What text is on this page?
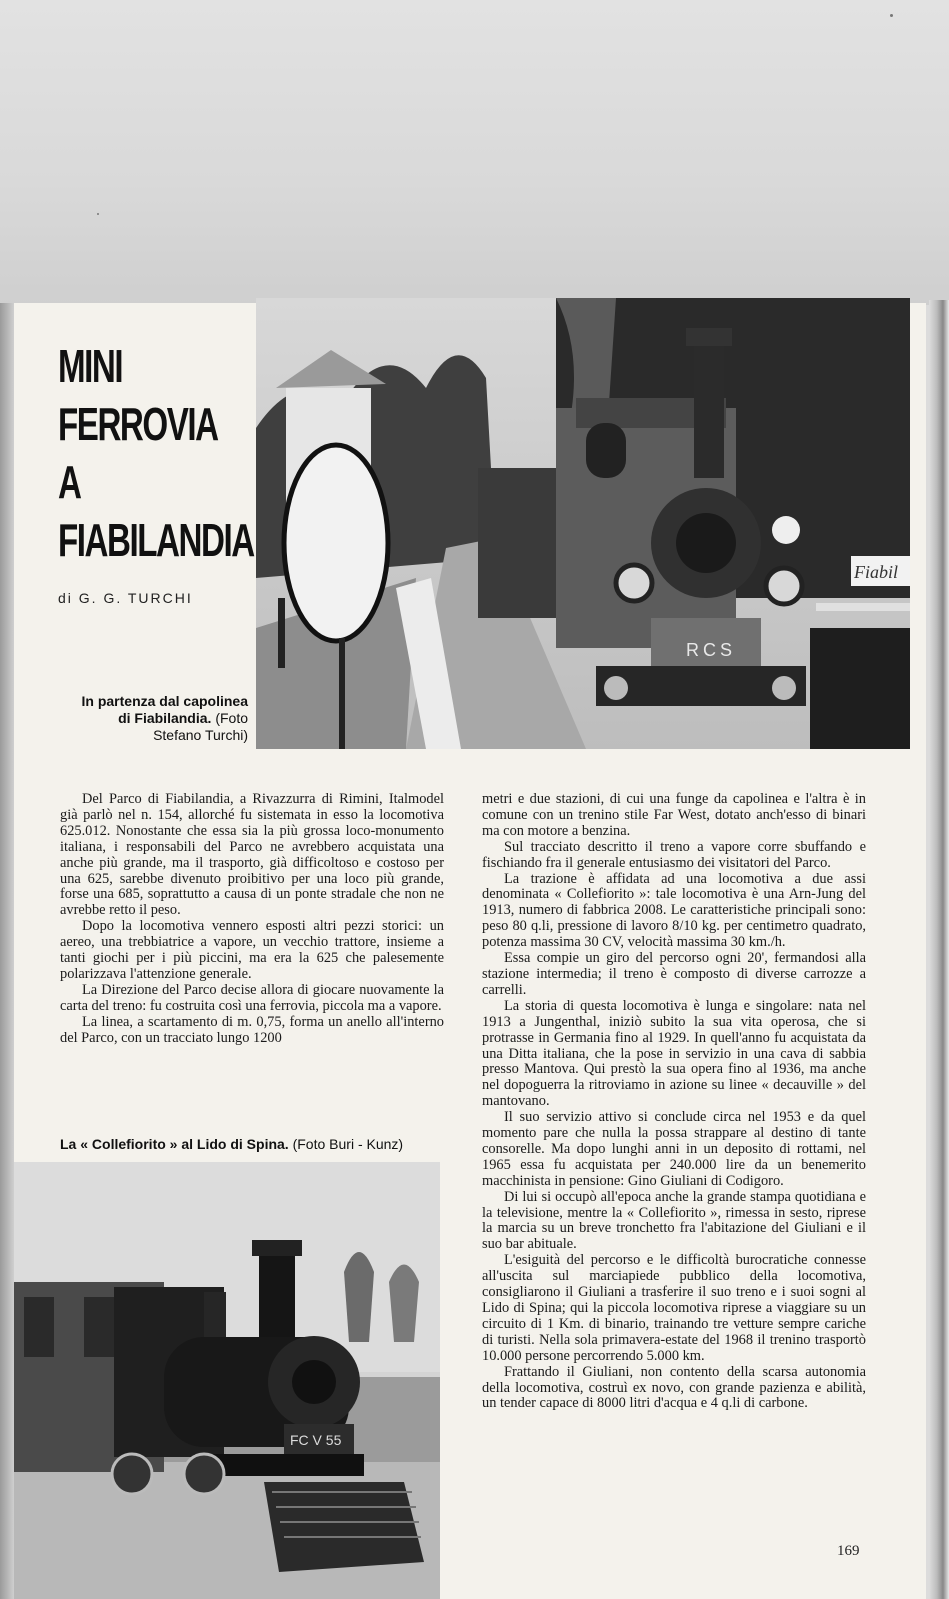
MINI
FERROVIA
A
FIABILANDIA
di G. G. TURCHI
In partenza dal capolinea di Fiabilandia. (Foto Stefano Turchi)
RCS
Fiabil

Del Parco di Fiabilandia, a Rivazzurra di Rimini, Italmodel già parlò nel n. 154, allorché fu sistemata in esso la locomotiva 625.012. Nonostante che essa sia la più grossa loco-monumento italiana, i responsabili del Parco ne avrebbero acquistata una anche più grande, ma il trasporto, già difficoltoso e costoso per una 625, sarebbe divenuto proibitivo per una loco più grande, forse una 685, soprattutto a causa di un ponte stradale che non ne avrebbe retto il peso.

Dopo la locomotiva vennero esposti altri pezzi storici: un aereo, una trebbiatrice a vapore, un vecchio trattore, insieme a tanti giochi per i più piccini, ma era la 625 che palesemente polarizzava l'attenzione generale.

La Direzione del Parco decise allora di giocare nuovamente la carta del treno: fu costruita così una ferrovia, piccola ma a vapore.

La linea, a scartamento di m. 0,75, forma un anello all'interno del Parco, con un tracciato lungo 1200

metri e due stazioni, di cui una funge da capolinea e l'altra è in comune con un trenino stile Far West, dotato anch'esso di binari ma con motore a benzina.

Sul tracciato descritto il treno a vapore corre sbuffando e fischiando fra il generale entusiasmo dei visitatori del Parco.

La trazione è affidata ad una locomotiva a due assi denominata « Collefiorito »: tale locomotiva è una Arn-Jung del 1913, numero di fabbrica 2008. Le caratteristiche principali sono: peso 80 q.li, pressione di lavoro 8/10 kg. per centimetro quadrato, potenza massima 30 CV, velocità massima 30 km./h.

Essa compie un giro del percorso ogni 20', fermandosi alla stazione intermedia; il treno è composto di diverse carrozze a carrelli.

La storia di questa locomotiva è lunga e singolare: nata nel 1913 a Jungenthal, iniziò subito la sua vita operosa, che si protrasse in Germania fino al 1929. In quell'anno fu acquistata da una Ditta italiana, che la pose in servizio in una cava di sabbia presso Mantova. Qui prestò la sua opera fino al 1936, ma anche nel dopoguerra la ritroviamo in azione su linee « decauville » del mantovano.

Il suo servizio attivo si conclude circa nel 1953 e da quel momento pare che nulla la possa strappare al destino di tante consorelle. Ma dopo lunghi anni in un deposito di rottami, nel 1965 essa fu acquistata per 240.000 lire da un benemerito macchinista in pensione: Gino Giuliani di Codigoro.

Di lui si occupò all'epoca anche la grande stampa quotidiana e la televisione, mentre la « Collefiorito », rimessa in sesto, riprese la marcia su un breve tronchetto fra l'abitazione del Giuliani e il suo bar abituale.

L'esiguità del percorso e le difficoltà burocratiche connesse all'uscita sul marciapiede pubblico della locomotiva, consigliarono il Giuliani a trasferire il suo treno e i suoi sogni al Lido di Spina; qui la piccola locomotiva riprese a viaggiare su un circuito di 1 Km. di binario, trainando tre vetture sempre cariche di turisti. Nella sola primavera-estate del 1968 il trenino trasportò 10.000 persone percorrendo 5.000 km.

Frattando il Giuliani, non contento della scarsa autonomia della locomotiva, costruì ex novo, con grande pazienza e abilità, un tender capace di 8000 litri d'acqua e 4 q.li di carbone.

La « Collefiorito » al Lido di Spina. (Foto Buri - Kunz)
FC V 55
169
